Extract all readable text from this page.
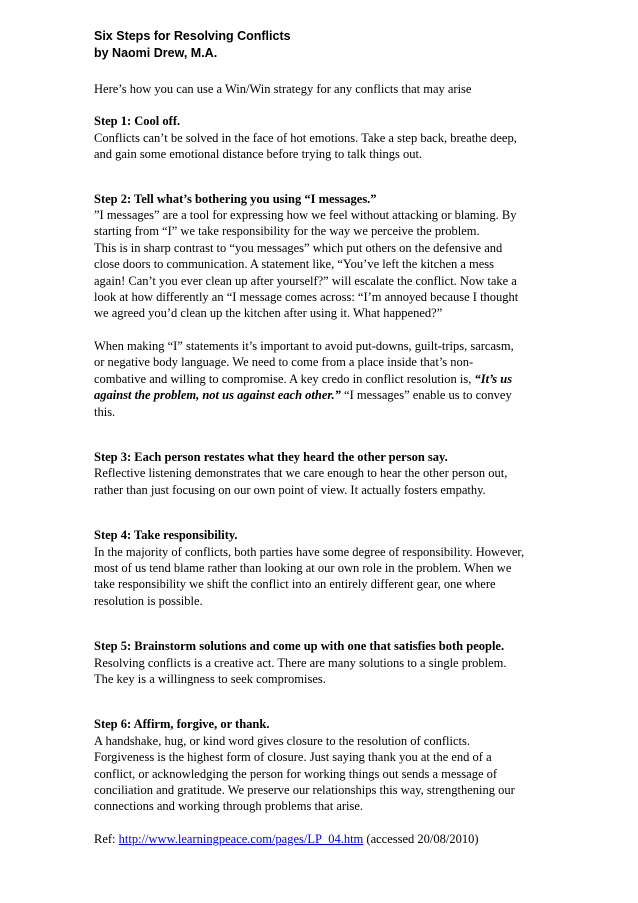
Six Steps for Resolving Conflicts

by Naomi Drew, M.A.

Here’s how you can use a Win/Win strategy for any conflicts that may arise

Step 1: Cool off.

Conflicts can’t be solved in the face of hot emotions. Take a step back, breathe deep,
and gain some emotional distance before trying to talk things out.

Step 2: Tell what’s bothering you using “I messages.”

”I messages” are a tool for expressing how we feel without attacking or blaming. By
starting from “I” we take responsibility for the way we perceive the problem.
This is in sharp contrast to “you messages” which put others on the defensive and
close doors to communication. A statement like, “You’ve left the kitchen a mess
again! Can’t you ever clean up after yourself?” will escalate the conflict. Now take a
look at how differently an “I message comes across: “I’m annoyed because I thought
we agreed you’d clean up the kitchen after using it. What happened?”

When making “I” statements it’s important to avoid put-downs, guilt-trips, sarcasm,
or negative body language. We need to come from a place inside that’s non-
combative and willing to compromise. A key credo in conflict resolution is, “It’s us
against the problem, not us against each other.” “I messages” enable us to convey
this.

Step 3: Each person restates what they heard the other person say.

Reflective listening demonstrates that we care enough to hear the other person out,
rather than just focusing on our own point of view. It actually fosters empathy.

Step 4: Take responsibility.

In the majority of conflicts, both parties have some degree of responsibility. However,
most of us tend blame rather than looking at our own role in the problem. When we
take responsibility we shift the conflict into an entirely different gear, one where
resolution is possible.

Step 5: Brainstorm solutions and come up with one that satisfies both people.

Resolving conflicts is a creative act. There are many solutions to a single problem.
The key is a willingness to seek compromises.

Step 6: Affirm, forgive, or thank.

A handshake, hug, or kind word gives closure to the resolution of conflicts.
Forgiveness is the highest form of closure. Just saying thank you at the end of a
conflict, or acknowledging the person for working things out sends a message of
conciliation and gratitude. We preserve our relationships this way, strengthening our
connections and working through problems that arise.

Ref: http://www.learningpeace.com/pages/LP_04.htm (accessed 20/08/2010)
